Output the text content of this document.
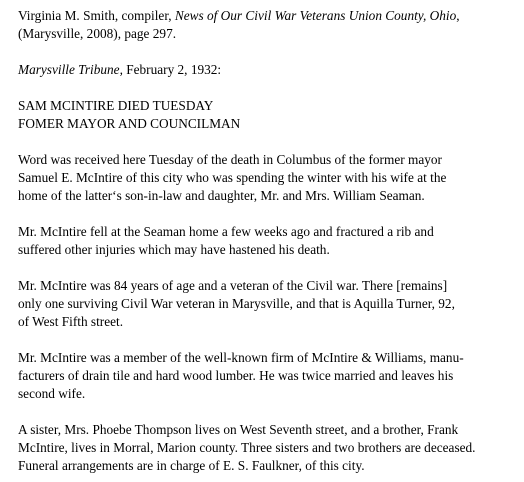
Virginia M. Smith, compiler, News of Our Civil War Veterans Union County, Ohio,
(Marysville, 2008), page 297.
Marysville Tribune, February 2, 1932:
SAM MCINTIRE DIED TUESDAY
FOMER MAYOR AND COUNCILMAN
Word was received here Tuesday of the death in Columbus of the former mayor
Samuel E. McIntire of this city who was spending the winter with his wife at the
home of the latter‘s son-in-law and daughter, Mr. and Mrs. William Seaman.
Mr. McIntire fell at the Seaman home a few weeks ago and fractured a rib and
suffered other injuries which may have hastened his death.
Mr. McIntire was 84 years of age and a veteran of the Civil war. There [remains]
only one surviving Civil War veteran in Marysville, and that is Aquilla Turner, 92,
of West Fifth street.
Mr. McIntire was a member of the well-known firm of McIntire & Williams, manu-
facturers of drain tile and hard wood lumber. He was twice married and leaves his
second wife.
A sister, Mrs. Phoebe Thompson lives on West Seventh street, and a brother, Frank
McIntire, lives in Morral, Marion county. Three sisters and two brothers are deceased.
Funeral arrangements are in charge of E. S. Faulkner, of this city.
